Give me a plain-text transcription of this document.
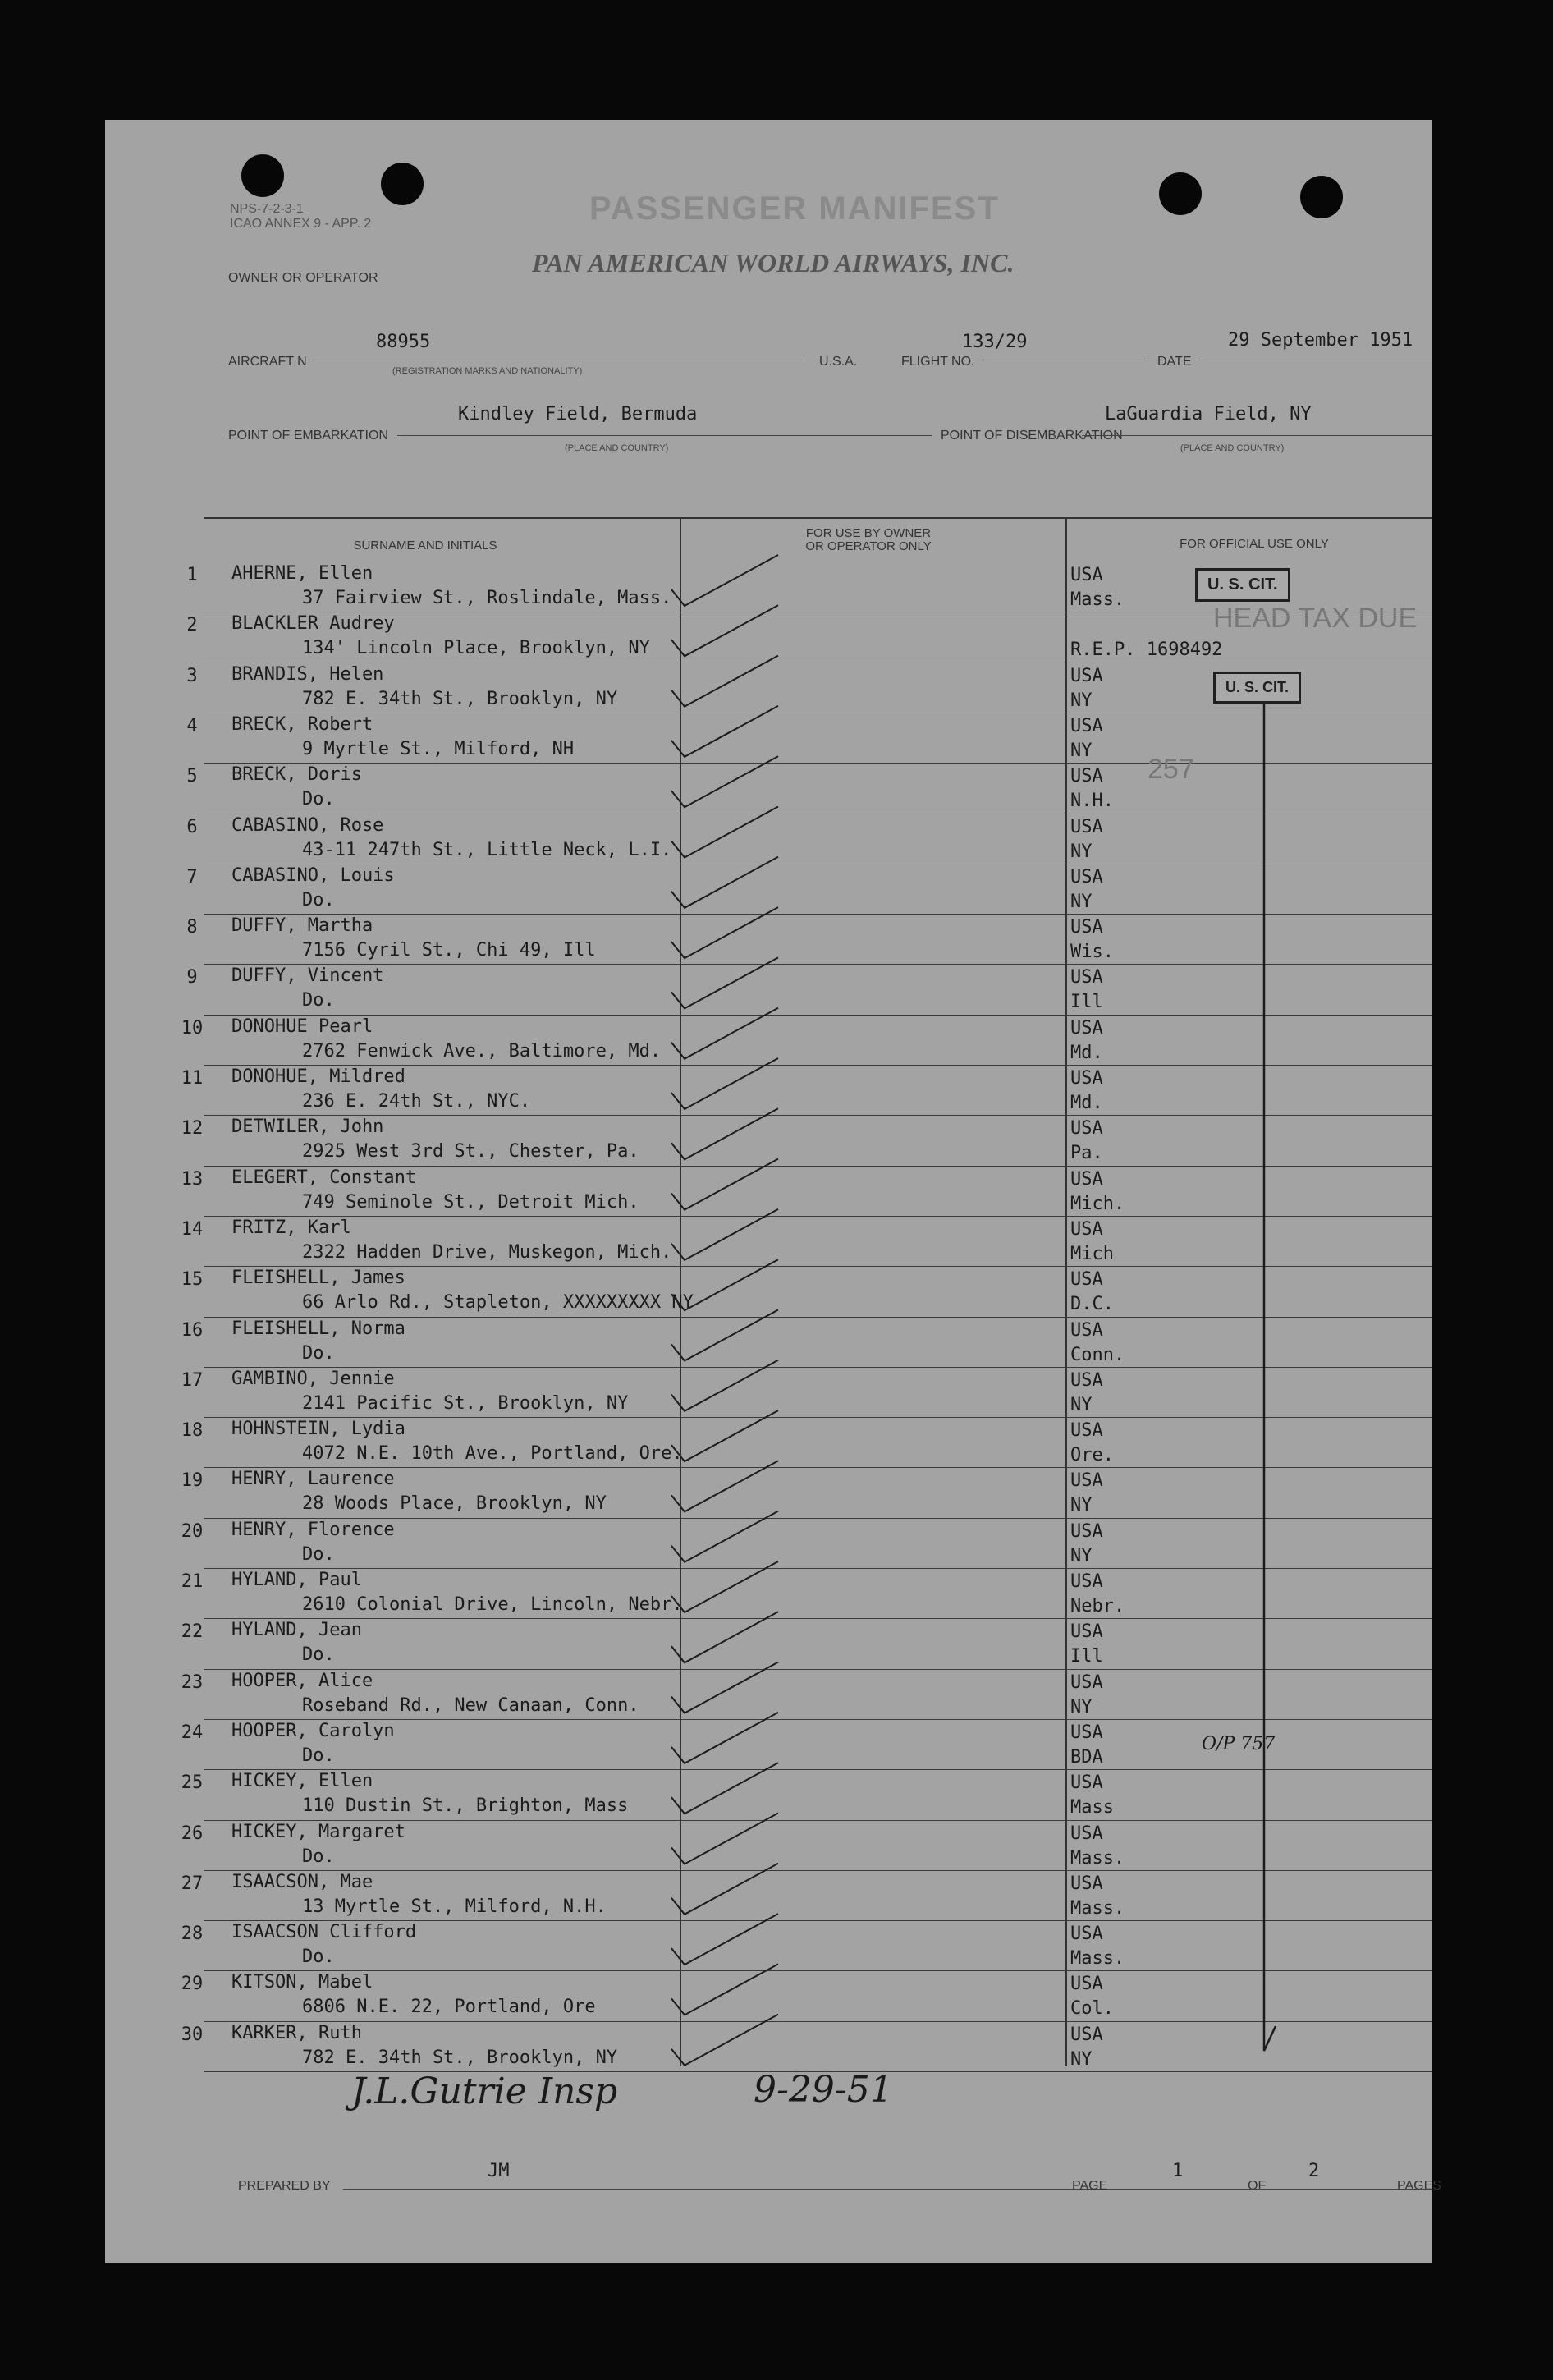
NPS-7-2-3-1
ICAO ANNEX 9 - APP. 2	PASSENGER MANIFEST
OWNER OR OPERATOR
PAN AMERICAN WORLD AIRWAYS, INC.
AIRCRAFT N
88955
(REGISTRATION MARKS AND NATIONALITY)
U.S.A.	FLIGHT NO.
133/29
DATE
29 September 1951
POINT OF EMBARKATION
Kindley Field, Bermuda
(PLACE AND COUNTRY)
POINT OF DISEMBARKATION
LaGuardia Field, NY
(PLACE AND COUNTRY)
SURNAME AND INITIALS
FOR USE BY OWNER
OR OPERATOR ONLY	FOR OFFICIAL USE ONLY
1	AHERNE, Ellen
37 Fairview St., Roslindale, Mass.
USA
Mass.
2	BLACKLER Audrey
134' Lincoln Place, Brooklyn, NY	R.E.P. 1698492
3	BRANDIS, Helen
782 E. 34th St., Brooklyn, NY
USA
NY
4	BRECK, Robert
9 Myrtle St., Milford, NH
USA
NY
5	BRECK, Doris
Do.
USA
N.H.
6	CABASINO, Rose
43-11 247th St., Little Neck, L.I.
USA
NY
7	CABASINO, Louis
Do.
USA
NY
8	DUFFY, Martha
7156 Cyril St., Chi 49, Ill
USA
Wis.
9	DUFFY, Vincent
Do.
USA
Ill
10 DONOHUE Pearl
2762 Fenwick Ave., Baltimore, Md.
USA
Md.
11 DONOHUE, Mildred
236 E. 24th St., NYC.
USA
Md.
12 DETWILER, John
2925 West 3rd St., Chester, Pa.
USA
Pa.
13 ELEGERT, Constant
749 Seminole St., Detroit Mich.
USA
Mich.
14 FRITZ, Karl
2322 Hadden Drive, Muskegon, Mich.
USA
Mich
15 FLEISHELL, James
66 Arlo Rd., Stapleton, XXXXXXXXX NY
USA
D.C.
16 FLEISHELL, Norma
Do.
USA
Conn.
17 GAMBINO, Jennie
2141 Pacific St., Brooklyn, NY
USA
NY
18 HOHNSTEIN, Lydia
4072 N.E. 10th Ave., Portland, Ore.
USA
Ore.
19 HENRY, Laurence
28 Woods Place, Brooklyn, NY
USA
NY
20 HENRY, Florence
Do.
USA
NY
21 HYLAND, Paul
2610 Colonial Drive, Lincoln, Nebr.
USA
Nebr.
22 HYLAND, Jean
Do.
USA
Ill
23 HOOPER, Alice
Roseband Rd., New Canaan, Conn.
USA
NY
24 HOOPER, Carolyn
Do.
USA
BDA
25 HICKEY, Ellen
110 Dustin St., Brighton, Mass
USA
Mass
26 HICKEY, Margaret
Do.
USA
Mass.
27 ISAACSON, Mae
13 Myrtle St., Milford, N.H.
USA
Mass.
28 ISAACSON Clifford
Do.
USA
Mass.
29 KITSON, Mabel
6806 N.E. 22, Portland, Ore
USA
Col.
30 KARKER, Ruth
782 E. 34th St., Brooklyn, NY
USA
NY
U. S. CIT.
HEAD TAX DUE
U. S. CIT.
257
O/P 757
J.L.Gutrie Insp	9-29-51
PREPARED BY
JM
PAGE
1
OF
2
PAGES
